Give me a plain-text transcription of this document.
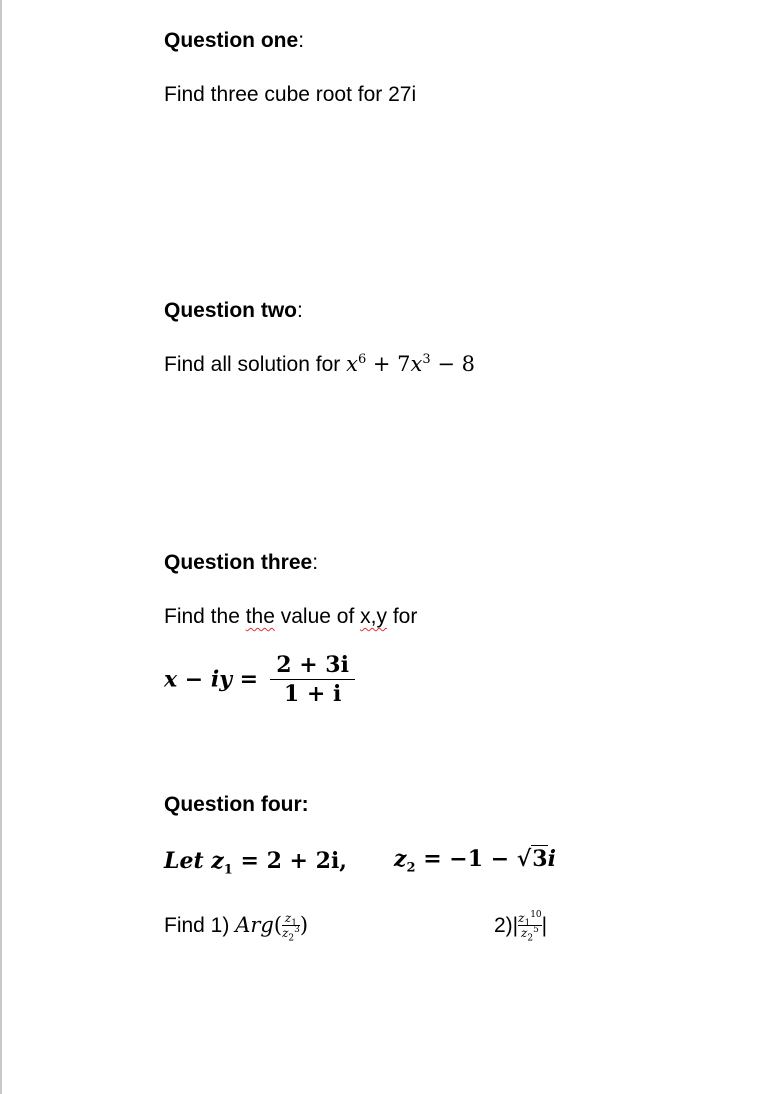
Question one:
Find three cube root for 27i
Question two:
Find all solution for $x^6 + 7x^3 - 8$
Question three:
Find the the value of x,y for
x − iy = $\frac{2 + 3i}{1 + i}$
Question four:
Let $z_1 = 2 + 2i$, $z_2 = -1 - √3i$
Find 1) $Arg( \frac{z_1}{z_2^3}$ )	$2)| \frac{z_1^{10}}{z_2^5}$ |
